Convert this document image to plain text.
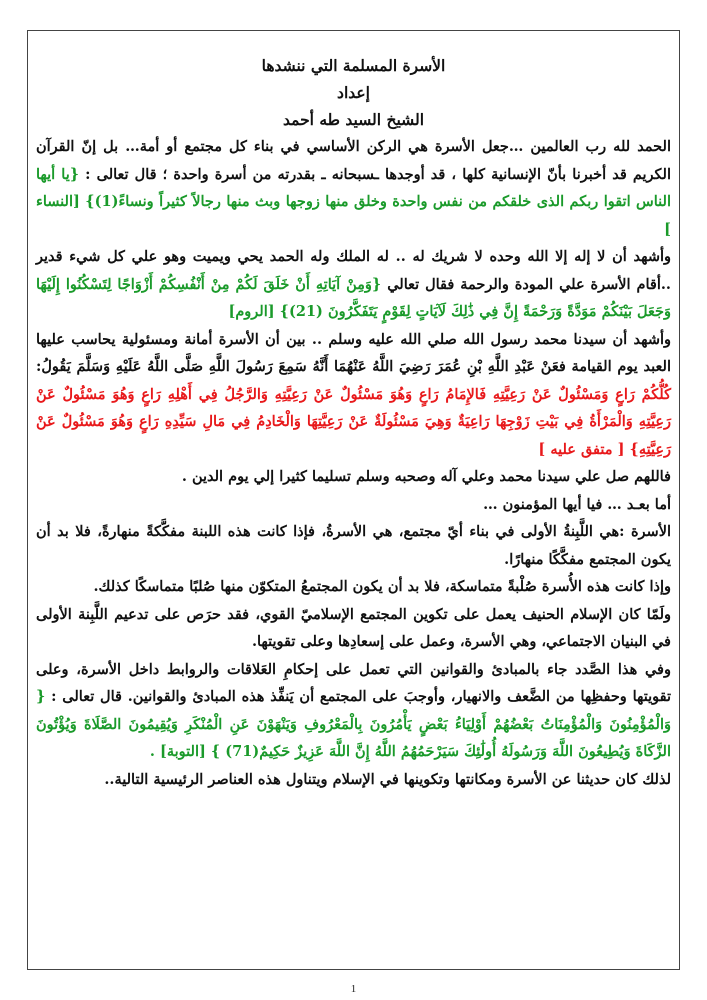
الأسرة المسلمة التي ننشدها

إعداد

الشيخ السيد طه أحمد

الحمد لله رب العالمين …جعل الأسرة هي الركن الأساسي في بناء كل مجتمع أو أمة… بل إنّ القرآن الكريم قد أخبرنا بأنّ الإنسانية كلها ، قد أوجدها ـسبحانه ـ بقدرته من أسرة واحدة ؛ قال تعالى : {يا أيها الناس اتقوا ربكم الذى خلقكم من نفس واحدة وخلق منها زوجها وبث منها رجالاً كثيراً ونساءً(1)} [النساء ]

وأشهد أن لا إله إلا الله وحده لا شريك له .. له الملك وله الحمد يحي ويميت وهو علي كل شيء قدير ..أقام الأسرة علي المودة والرحمة فقال تعالي {وَمِنْ آيَاتِهِ أَنْ خَلَقَ لَكُمْ مِنْ أَنْفُسِكُمْ أَزْوَاجًا لِتَسْكُنُوا إِلَيْهَا وَجَعَلَ بَيْنَكُمْ مَوَدَّةً وَرَحْمَةً إِنَّ فِي ذَٰلِكَ لَآيَاتٍ لِقَوْمٍ يَتَفَكَّرُونَ (21)} [الروم]

وأشهد أن سيدنا محمد رسول الله صلي الله عليه وسلم .. بين أن الأسرة أمانة ومسئولية يحاسب عليها العبد يوم القيامة فعَنْ عَبْدِ اللَّهِ بْنِ عُمَرَ رَضِيَ اللَّهُ عَنْهُمَا أَنَّهُ سَمِعَ رَسُولَ اللَّهِ صَلَّى اللَّهُ عَلَيْهِ وَسَلَّمَ يَقُولُ: كُلُّكُمْ رَاعٍ وَمَسْئُولٌ عَنْ رَعِيَّتِهِ فَالإِمَامُ رَاعٍ وَهُوَ مَسْئُولٌ عَنْ رَعِيَّتِهِ وَالرَّجُلُ فِي أَهْلِهِ رَاعٍ وَهُوَ مَسْئُولٌ عَنْ رَعِيَّتِهِ وَالْمَرْأَةُ فِي بَيْتِ زَوْجِهَا رَاعِيَةٌ وَهِيَ مَسْئُولَةٌ عَنْ رَعِيَّتِهَا وَالْخَادِمُ فِي مَالِ سَيِّدِهِ رَاعٍ وَهُوَ مَسْئُولٌ عَنْ رَعِيَّتِهِ} [ متفق عليه ]

فاللهم صل علي سيدنا محمد وعلي آله وصحبه وسلم تسليما كثيرا إلي يوم الدين .

أما بعـد … فيا أيها المؤمنون …

الأسرة :هي اللَّبِنةُ الأولى في بناء أيّ مجتمع، هي الأسرةُ، فإذا كانت هذه اللبنة مفكَّكةً منهارةً، فلا بد أن يكون المجتمع مفكَّكًا منهارًا.

وإذا كانت هذه الأُسرة صُلْبةً متماسكة، فلا بد أن يكون المجتمعُ المتكوّن منها صُلبًا متماسكًا كذلك.

ولَمّا كان الإسلام الحنيف يعمل على تكوين المجتمع الإسلاميّ القوي، فقد حرَص على تدعيم اللَّبِنة الأولى في البنيان الاجتماعي، وهي الأسرة، وعمل على إسعادِها وعلى تقويتها.

وفي هذا الصَّدد جاء بالمبادئ والقوانين التي تعمل على إحكامِ العَلاقات والروابط داخل الأسرة، وعلى تقويتها وحفظِها من الضَّعف والانهيار، وأوجبَ على المجتمع أن يَنفِّذ هذه المبادئ والقوانين. قال تعالى : { وَالْمُؤْمِنُونَ وَالْمُؤْمِنَاتُ بَعْضُهُمْ أَوْلِيَاءُ بَعْضٍ يَأْمُرُونَ بِالْمَعْرُوفِ وَيَنْهَوْنَ عَنِ الْمُنْكَرِ وَيُقِيمُونَ الصَّلَاةَ وَيُؤْتُونَ الزَّكَاةَ وَيُطِيعُونَ اللَّهَ وَرَسُولَهُ أُولَٰئِكَ سَيَرْحَمُهُمُ اللَّهُ إِنَّ اللَّهَ عَزِيزٌ حَكِيمٌ(71) } [التوبة] .

لذلك كان حديثنا عن الأسرة ومكانتها وتكوينها في الإسلام ويتناول هذه العناصر الرئيسية التالية..

1
